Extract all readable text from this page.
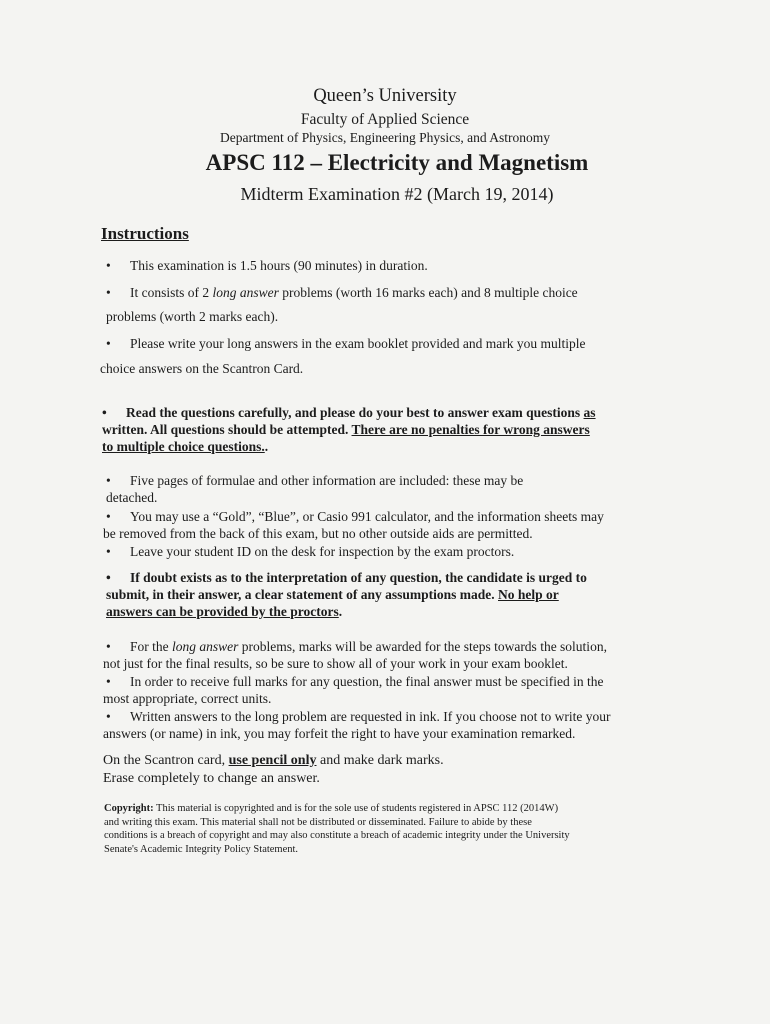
Queen’s University
Faculty of Applied Science
Department of Physics, Engineering Physics, and Astronomy
APSC 112 – Electricity and Magnetism
Midterm Examination #2 (March 19, 2014)
Instructions
• This examination is 1.5 hours (90 minutes) in duration.
• It consists of 2 long answer problems (worth 16 marks each) and 8 multiple choice
problems (worth 2 marks each).
• Please write your long answers in the exam booklet provided and mark you multiple
choice answers on the Scantron Card.

• Read the questions carefully, and please do your best to answer exam questions as

written. All questions should be attempted. There are no penalties for wrong answers

to multiple choice questions..

• Five pages of formulae and other information are included: these may be

detached.

• You may use a “Gold”, “Blue”, or Casio 991 calculator, and the information sheets may

be removed from the back of this exam, but no other outside aids are permitted.

• Leave your student ID on the desk for inspection by the exam proctors.

• If doubt exists as to the interpretation of any question, the candidate is urged to

submit, in their answer, a clear statement of any assumptions made. No help or

answers can be provided by the proctors.

• For the long answer problems, marks will be awarded for the steps towards the solution,

not just for the final results, so be sure to show all of your work in your exam booklet.

• In order to receive full marks for any question, the final answer must be specified in the

most appropriate, correct units.

• Written answers to the long problem are requested in ink. If you choose not to write your

answers (or name) in ink, you may forfeit the right to have your examination remarked.
On the Scantron card, use pencil only and make dark marks.
Erase completely to change an answer.

Copyright: This material is copyrighted and is for the sole use of students registered in APSC 112 (2014W)

and writing this exam. This material shall not be distributed or disseminated. Failure to abide by these

conditions is a breach of copyright and may also constitute a breach of academic integrity under the University

Senate's Academic Integrity Policy Statement.
